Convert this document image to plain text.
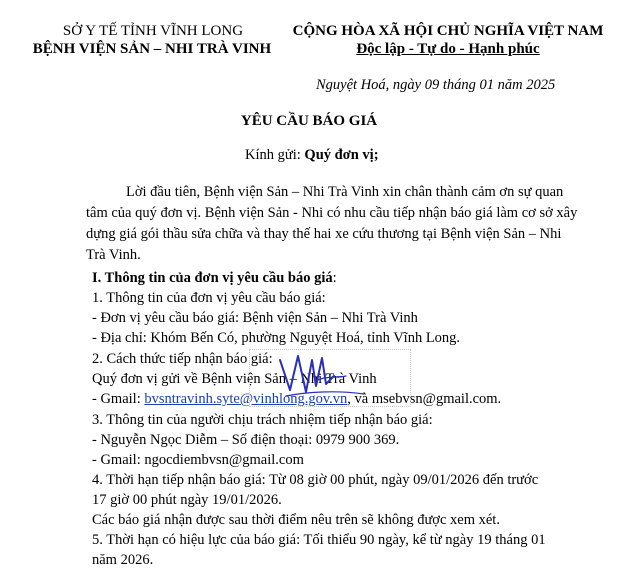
SỞ Y TẾ TỈNH VĨNH LONG
BỆNH VIỆN SẢN – NHI TRÀ VINH
CỘNG HÒA XÃ HỘI CHỦ NGHĨA VIỆT NAM
Độc lập - Tự do - Hạnh phúc
Nguyệt Hoá, ngày 09 tháng 01 năm 2025
YÊU CẦU BÁO GIÁ
Kính gửi: Quý đơn vị;
Lời đầu tiên, Bệnh viện Sản – Nhi Trà Vinh xin chân thành cảm ơn sự quan
tâm của quý đơn vị. Bệnh viện Sản - Nhi có nhu cầu tiếp nhận báo giá làm cơ sở xây
dựng giá gói thầu sửa chữa và thay thế hai xe cứu thương tại Bệnh viện Sản – Nhi
Trà Vinh.
I. Thông tin của đơn vị yêu cầu báo giá:
1. Thông tin của đơn vị yêu cầu báo giá:
- Đơn vị yêu cầu báo giá: Bệnh viện Sản – Nhi Trà Vinh
- Địa chỉ: Khóm Bến Có, phường Nguyệt Hoá, tỉnh Vĩnh Long.
2. Cách thức tiếp nhận báo giá:
Quý đơn vị gửi về Bệnh viện Sản – Nhi Trà Vinh
- Gmail: bvsntravinh.syte@vinhlong.gov.vn, và msebvsn@gmail.com.
3. Thông tin của người chịu trách nhiệm tiếp nhận báo giá:
- Nguyễn Ngọc Diễm – Số điện thoại: 0979 900 369.
- Gmail: ngocdiembvsn@gmail.com
4. Thời hạn tiếp nhận báo giá: Từ 08 giờ 00 phút, ngày 09/01/2026 đến trước
17 giờ 00 phút ngày 19/01/2026.
Các báo giá nhận được sau thời điểm nêu trên sẽ không được xem xét.
5. Thời hạn có hiệu lực của báo giá: Tối thiểu 90 ngày, kể từ ngày 19 tháng 01
năm 2026.
